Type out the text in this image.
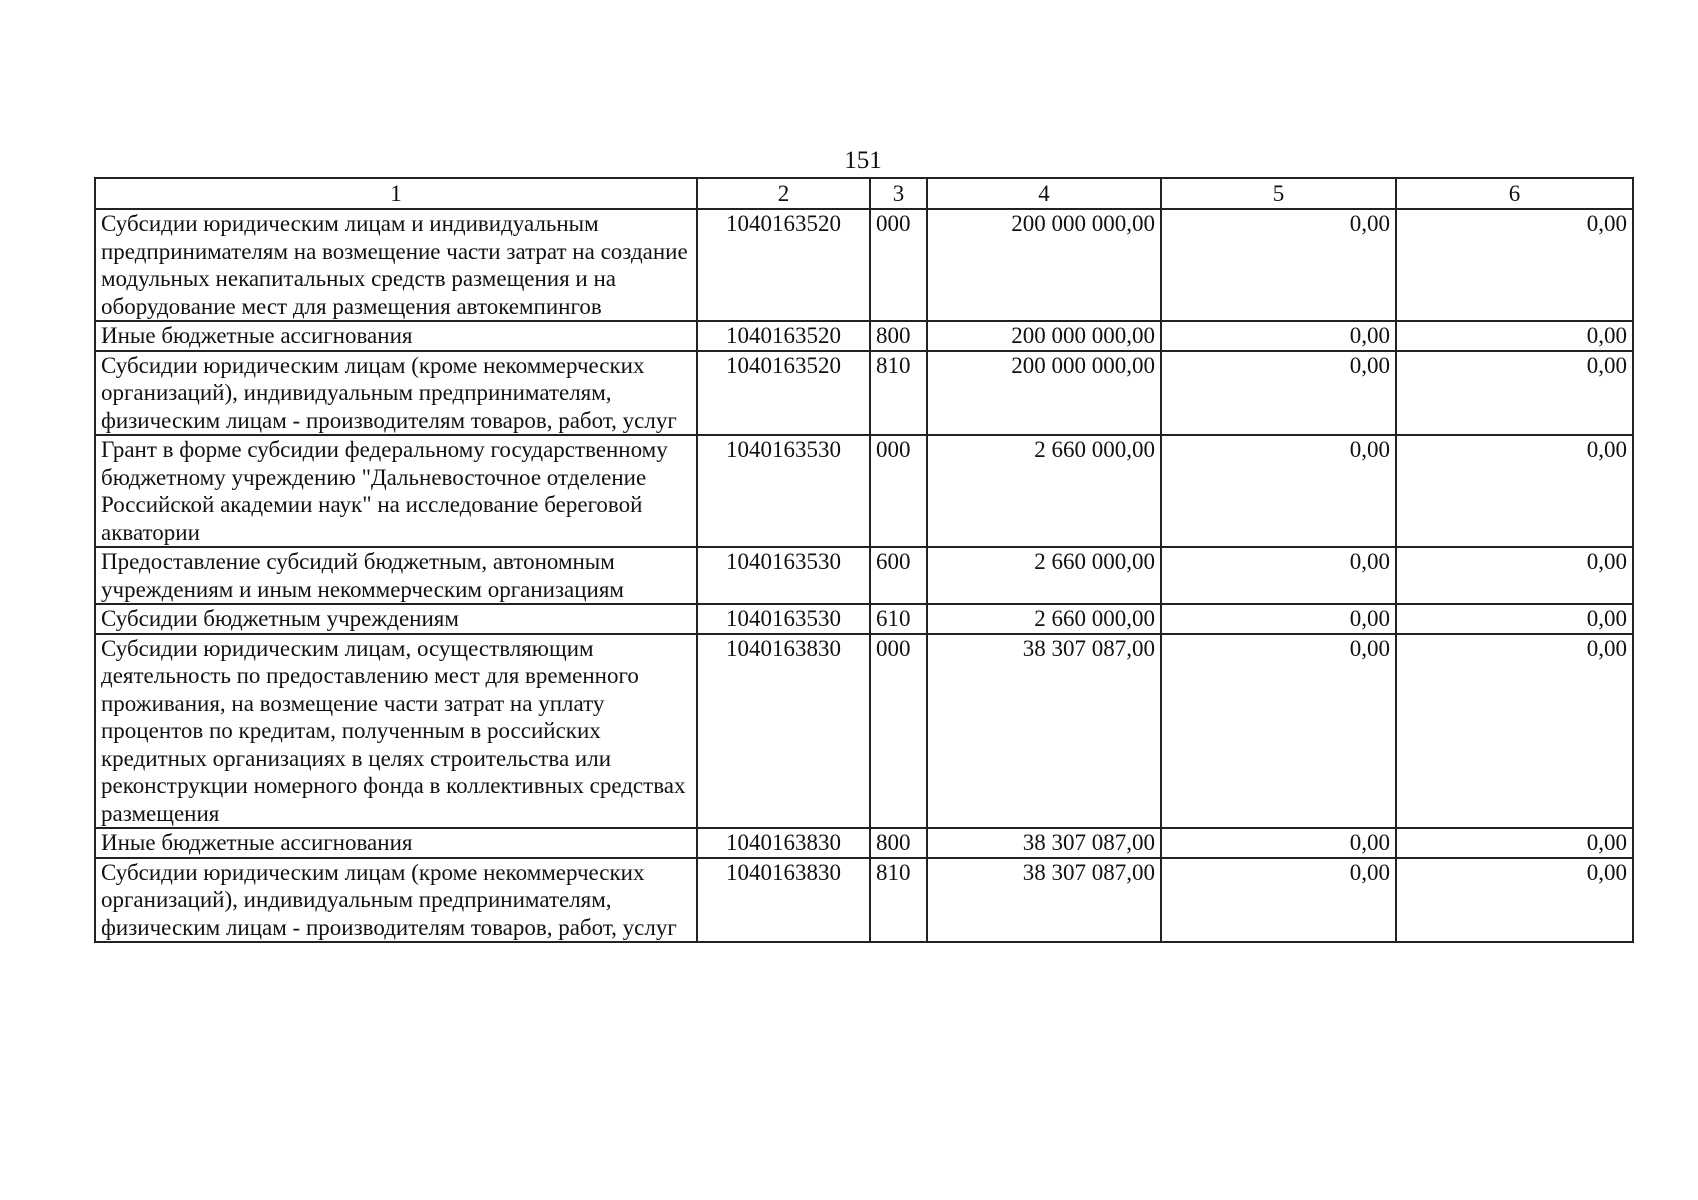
151
1	2	3	4	5	6
Субсидии юридическим лицам и индивидуальным предпринимателям на возмещение части затрат на создание модульных некапитальных средств размещения и на оборудование мест для размещения автокемпингов	1040163520	000	200 000 000,00	0,00	0,00
Иные бюджетные ассигнования	1040163520	800	200 000 000,00	0,00	0,00
Субсидии юридическим лицам (кроме некоммерческих организаций), индивидуальным предпринимателям, физическим лицам - производителям товаров, работ, услуг	1040163520	810	200 000 000,00	0,00	0,00
Грант в форме субсидии федеральному государственному бюджетному учреждению "Дальневосточное отделение Российской академии наук" на исследование береговой акватории	1040163530	000	2 660 000,00	0,00	0,00
Предоставление субсидий бюджетным, автономным учреждениям и иным некоммерческим организациям	1040163530	600	2 660 000,00	0,00	0,00
Субсидии бюджетным учреждениям	1040163530	610	2 660 000,00	0,00	0,00
Субсидии юридическим лицам, осуществляющим деятельность по предоставлению мест для временного проживания, на возмещение части затрат на уплату процентов по кредитам, полученным в российских кредитных организациях в целях строительства или реконструкции номерного фонда в коллективных средствах размещения	1040163830	000	38 307 087,00	0,00	0,00
Иные бюджетные ассигнования	1040163830	800	38 307 087,00	0,00	0,00
Субсидии юридическим лицам (кроме некоммерческих организаций), индивидуальным предпринимателям, физическим лицам - производителям товаров, работ, услуг	1040163830	810	38 307 087,00	0,00	0,00
